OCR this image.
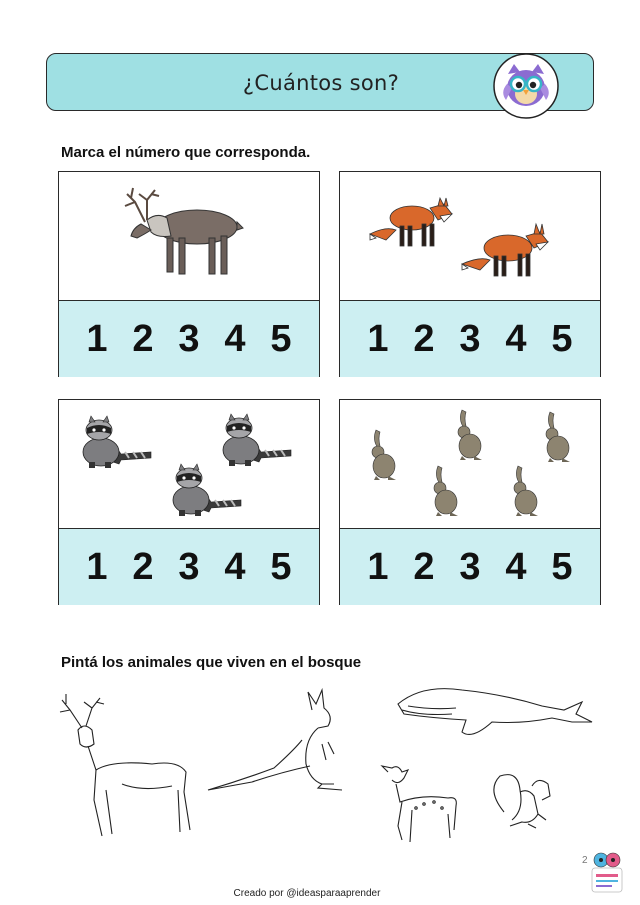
¿Cuántos son?
Marca el número que corresponda.
1 2 3 4 5 1 2 3 4 5
1 2 3 4 5 1 2 3 4 5
Pintá los animales que viven en el bosque
2
Creado por @ideasparaaprender
